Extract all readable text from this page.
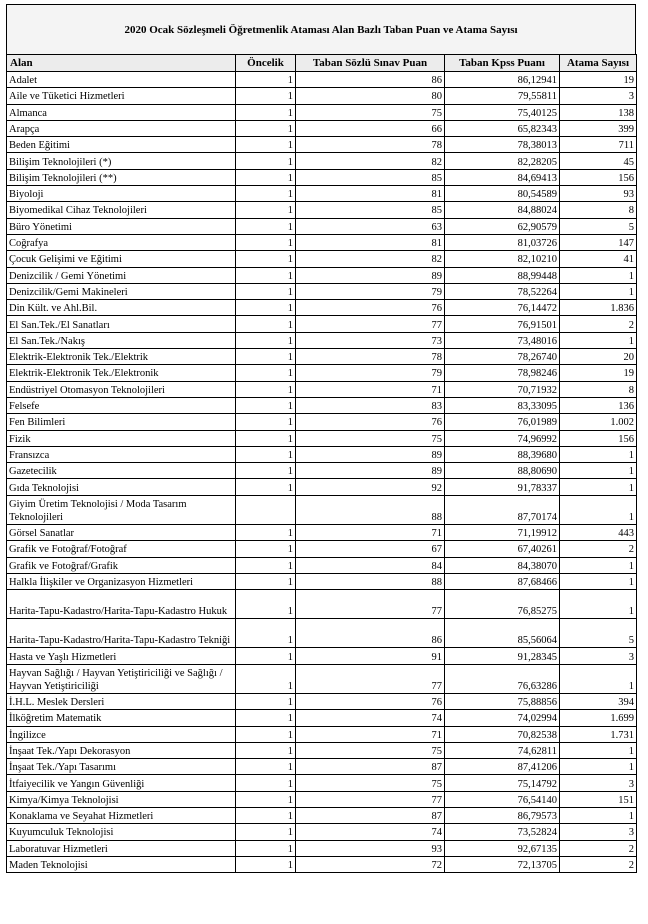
2020 Ocak Sözleşmeli Öğretmenlik Ataması Alan Bazlı Taban Puan ve Atama Sayısı
Alan	Öncelik	Taban Sözlü Sınav Puan	Taban Kpss Puanı	Atama Sayısı
Adalet	1	86	86,12941	19
Aile ve Tüketici Hizmetleri	1	80	79,55811	3
Almanca	1	75	75,40125	138
Arapça	1	66	65,82343	399
Beden Eğitimi	1	78	78,38013	711
Bilişim Teknolojileri (*)	1	82	82,28205	45
Bilişim Teknolojileri (**)	1	85	84,69413	156
Biyoloji	1	81	80,54589	93
Biyomedikal Cihaz Teknolojileri	1	85	84,88024	8
Büro Yönetimi	1	63	62,90579	5
Coğrafya	1	81	81,03726	147
Çocuk Gelişimi ve Eğitimi	1	82	82,10210	41
Denizcilik / Gemi Yönetimi	1	89	88,99448	1
Denizcilik/Gemi Makineleri	1	79	78,52264	1
Din Kült. ve Ahl.Bil.	1	76	76,14472	1.836
El San.Tek./El Sanatları	1	77	76,91501	2
El San.Tek./Nakış	1	73	73,48016	1
Elektrik-Elektronik Tek./Elektrik	1	78	78,26740	20
Elektrik-Elektronik Tek./Elektronik	1	79	78,98246	19
Endüstriyel Otomasyon Teknolojileri	1	71	70,71932	8
Felsefe	1	83	83,33095	136
Fen Bilimleri	1	76	76,01989	1.002
Fizik	1	75	74,96992	156
Fransızca	1	89	88,39680	1
Gazetecilik	1	89	88,80690	1
Gıda Teknolojisi	1	92	91,78337	1
Giyim Üretim Teknolojisi / Moda Tasarım Teknolojileri		88	87,70174	1
Görsel Sanatlar	1	71	71,19912	443
Grafik ve Fotoğraf/Fotoğraf	1	67	67,40261	2
Grafik ve Fotoğraf/Grafik	1	84	84,38070	1
Halkla İlişkiler ve Organizasyon Hizmetleri	1	88	87,68466	1
Harita-Tapu-Kadastro/Harita-Tapu-Kadastro Hukuk	1	77	76,85275	1
Harita-Tapu-Kadastro/Harita-Tapu-Kadastro Tekniği	1	86	85,56064	5
Hasta ve Yaşlı Hizmetleri	1	91	91,28345	3
Hayvan Sağlığı / Hayvan Yetiştiriciliği ve Sağlığı / Hayvan Yetiştiriciliği	1	77	76,63286	1
İ.H.L. Meslek Dersleri	1	76	75,88856	394
İlköğretim Matematik	1	74	74,02994	1.699
İngilizce	1	71	70,82538	1.731
İnşaat Tek./Yapı Dekorasyon	1	75	74,62811	1
İnşaat Tek./Yapı Tasarımı	1	87	87,41206	1
İtfaiyecilik ve Yangın Güvenliği	1	75	75,14792	3
Kimya/Kimya Teknolojisi	1	77	76,54140	151
Konaklama ve Seyahat Hizmetleri	1	87	86,79573	1
Kuyumculuk Teknolojisi	1	74	73,52824	3
Laboratuvar Hizmetleri	1	93	92,67135	2
Maden Teknolojisi	1	72	72,13705	2
